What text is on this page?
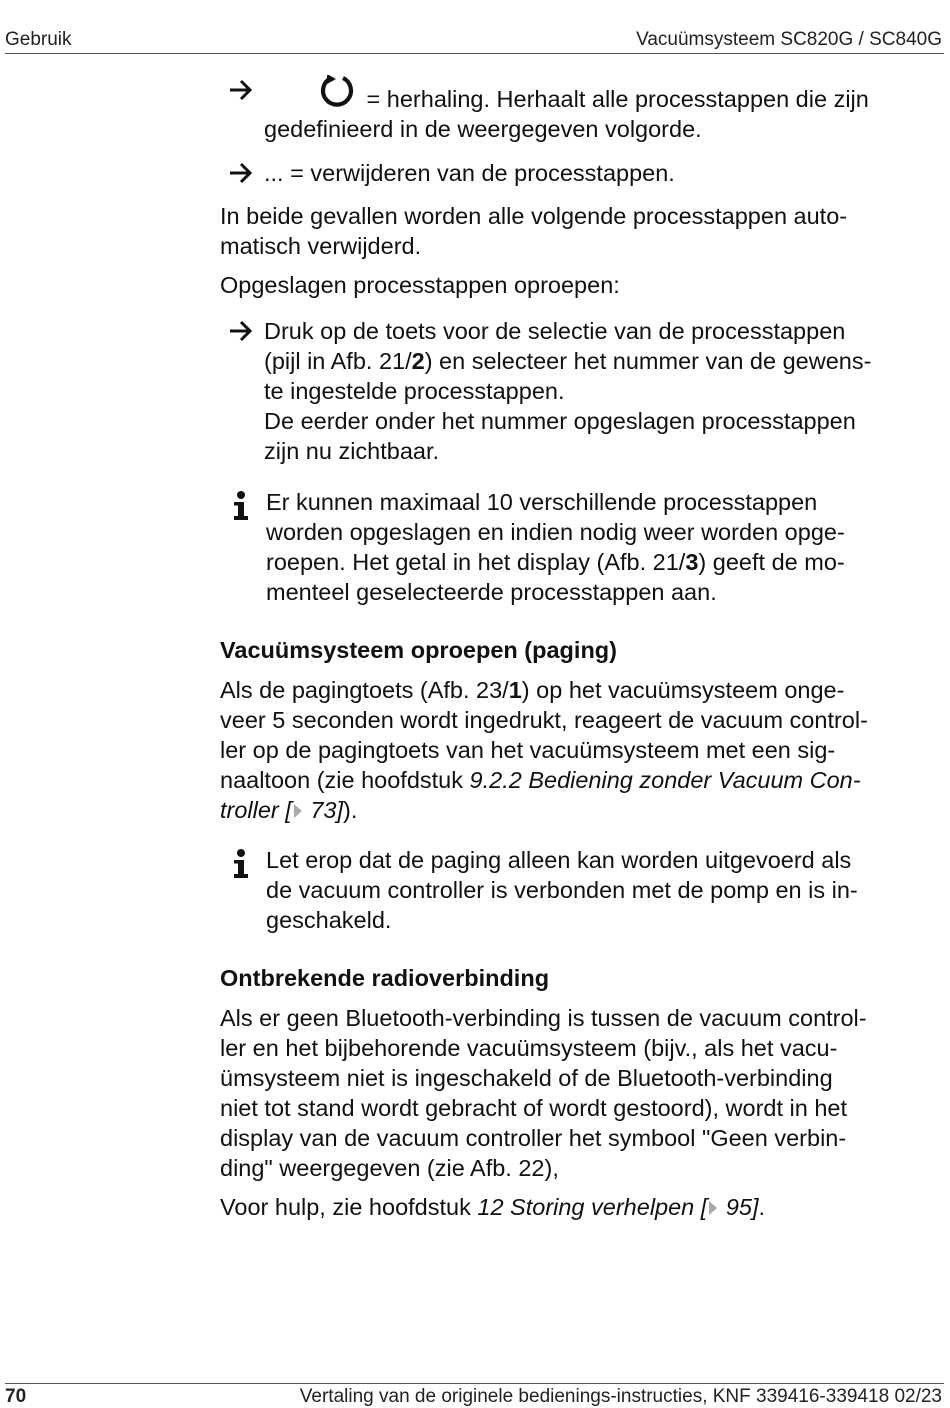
Gebruik	Vacuümsysteem SC820G / SC840G

= herhaling. Herhaalt alle processtappen die zijn
gedefinieerd in de weergegeven volgorde.

... = verwijderen van de processtappen.

In beide gevallen worden alle volgende processtappen auto-
matisch verwijderd.

Opgeslagen processtappen oproepen:

Druk op de toets voor de selectie van de processtappen
(pijl in Afb. 21/2) en selecteer het nummer van de gewens-
te ingestelde processtappen.
De eerder onder het nummer opgeslagen processtappen
zijn nu zichtbaar.

Er kunnen maximaal 10 verschillende processtappen
worden opgeslagen en indien nodig weer worden opge-
roepen. Het getal in het display (Afb. 21/3) geeft de mo-
menteel geselecteerde processtappen aan.

Vacuümsysteem oproepen (paging)

Als de pagingtoets (Afb. 23/1) op het vacuümsysteem onge-
veer 5 seconden wordt ingedrukt, reageert de vacuum control-
ler op de pagingtoets van het vacuümsysteem met een sig-
naaltoon (zie hoofdstuk 9.2.2 Bediening zonder Vacuum Con-
troller [ 73]).

Let erop dat de paging alleen kan worden uitgevoerd als
de vacuum controller is verbonden met de pomp en is in-
geschakeld.

Ontbrekende radioverbinding

Als er geen Bluetooth-verbinding is tussen de vacuum control-
ler en het bijbehorende vacuümsysteem (bijv., als het vacu-
ümsysteem niet is ingeschakeld of de Bluetooth-verbinding
niet tot stand wordt gebracht of wordt gestoord), wordt in het
display van de vacuum controller het symbool "Geen verbin-
ding" weergegeven (zie Afb. 22),

Voor hulp, zie hoofdstuk 12 Storing verhelpen [ 95].

70	Vertaling van de originele bedienings-instructies, KNF 339416-339418 02/23
